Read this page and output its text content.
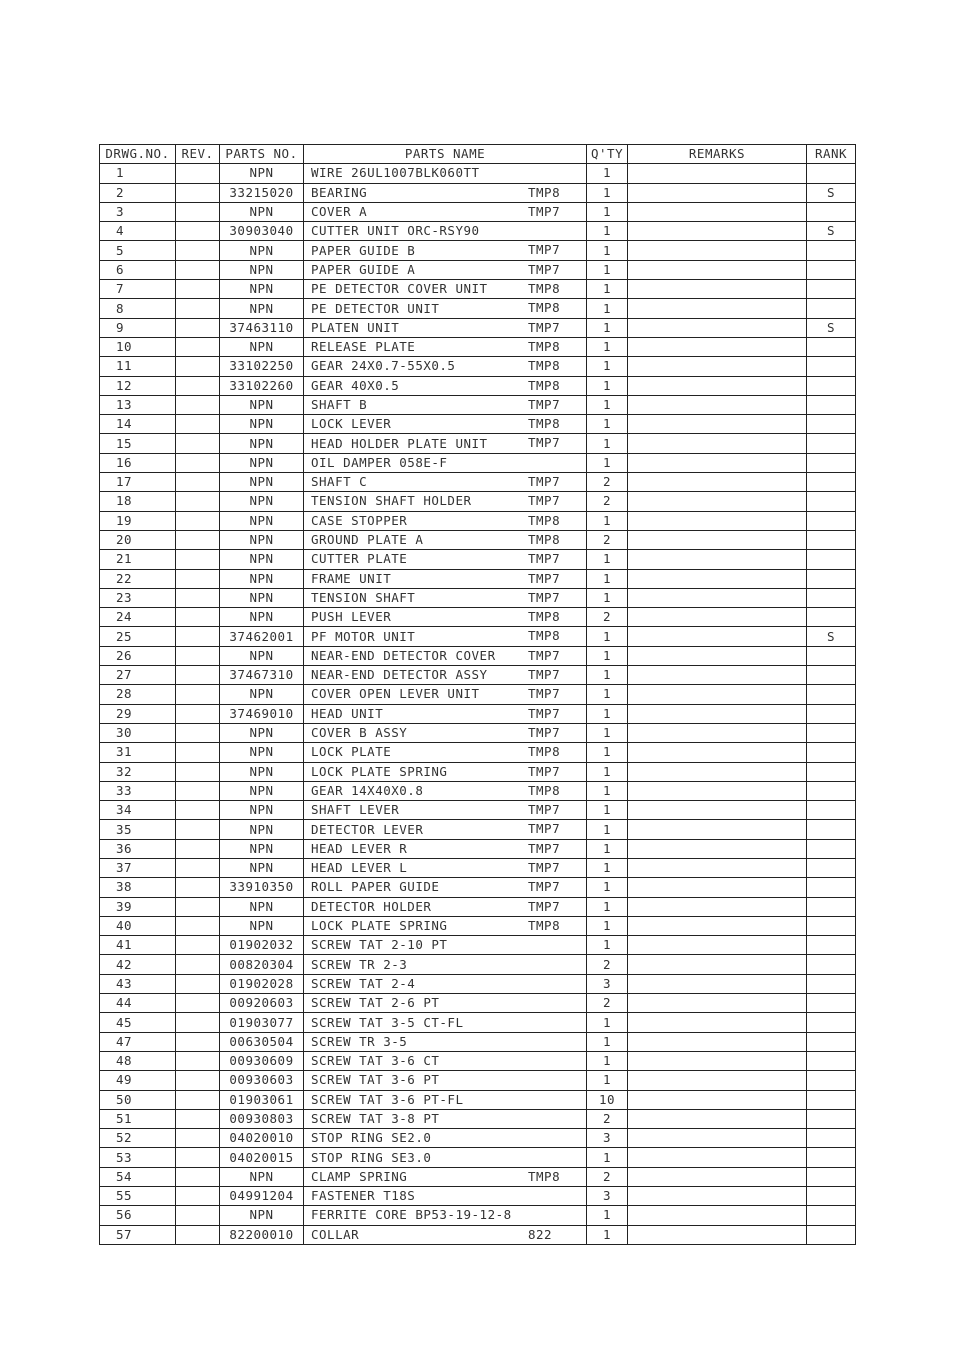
DRWG.NO.	REV.	PARTS NO.	PARTS NAME	Q'TY	REMARKS	RANK
1		NPN	WIRE 26UL1007BLK060TT	1		
2		33215020	BEARING TMP8	1		S
3		NPN	COVER A TMP7	1		
4		30903040	CUTTER UNIT ORC-RSY90	1		S
5		NPN	PAPER GUIDE B TMP7	1		
6		NPN	PAPER GUIDE A TMP7	1		
7		NPN	PE DETECTOR COVER UNIT TMP8	1		
8		NPN	PE DETECTOR UNIT TMP8	1		
9		37463110	PLATEN UNIT TMP7	1		S
10		NPN	RELEASE PLATE TMP8	1		
11		33102250	GEAR 24X0.7-55X0.5 TMP8	1		
12		33102260	GEAR 40X0.5 TMP8	1		
13		NPN	SHAFT B TMP7	1		
14		NPN	LOCK LEVER TMP8	1		
15		NPN	HEAD HOLDER PLATE UNIT TMP7	1		
16		NPN	OIL DAMPER 058E-F	1		
17		NPN	SHAFT C TMP7	2		
18		NPN	TENSION SHAFT HOLDER TMP7	2		
19		NPN	CASE STOPPER TMP8	1		
20		NPN	GROUND PLATE A TMP8	2		
21		NPN	CUTTER PLATE TMP7	1		
22		NPN	FRAME UNIT TMP7	1		
23		NPN	TENSION SHAFT TMP7	1		
24		NPN	PUSH LEVER TMP8	2		
25		37462001	PF MOTOR UNIT TMP8	1		S
26		NPN	NEAR-END DETECTOR COVER TMP7	1		
27		37467310	NEAR-END DETECTOR ASSY TMP7	1		
28		NPN	COVER OPEN LEVER UNIT TMP7	1		
29		37469010	HEAD UNIT TMP7	1		
30		NPN	COVER B ASSY TMP7	1		
31		NPN	LOCK PLATE TMP8	1		
32		NPN	LOCK PLATE SPRING TMP7	1		
33		NPN	GEAR 14X40X0.8 TMP8	1		
34		NPN	SHAFT LEVER TMP7	1		
35		NPN	DETECTOR LEVER TMP7	1		
36		NPN	HEAD LEVER R TMP7	1		
37		NPN	HEAD LEVER L TMP7	1		
38		33910350	ROLL PAPER GUIDE TMP7	1		
39		NPN	DETECTOR HOLDER TMP7	1		
40		NPN	LOCK PLATE SPRING TMP8	1		
41		01902032	SCREW TAT 2-10 PT	1		
42		00820304	SCREW TR 2-3	2		
43		01902028	SCREW TAT 2-4	3		
44		00920603	SCREW TAT 2-6 PT	2		
45		01903077	SCREW TAT 3-5 CT-FL	1		
47		00630504	SCREW TR 3-5	1		
48		00930609	SCREW TAT 3-6 CT	1		
49		00930603	SCREW TAT 3-6 PT	1		
50		01903061	SCREW TAT 3-6 PT-FL	10		
51		00930803	SCREW TAT 3-8 PT	2		
52		04020010	STOP RING SE2.0	3		
53		04020015	STOP RING SE3.0	1		
54		NPN	CLAMP SPRING TMP8	2		
55		04991204	FASTENER T18S	3		
56		NPN	FERRITE CORE BP53-19-12-8	1		
57		82200010	COLLAR 822	1		
